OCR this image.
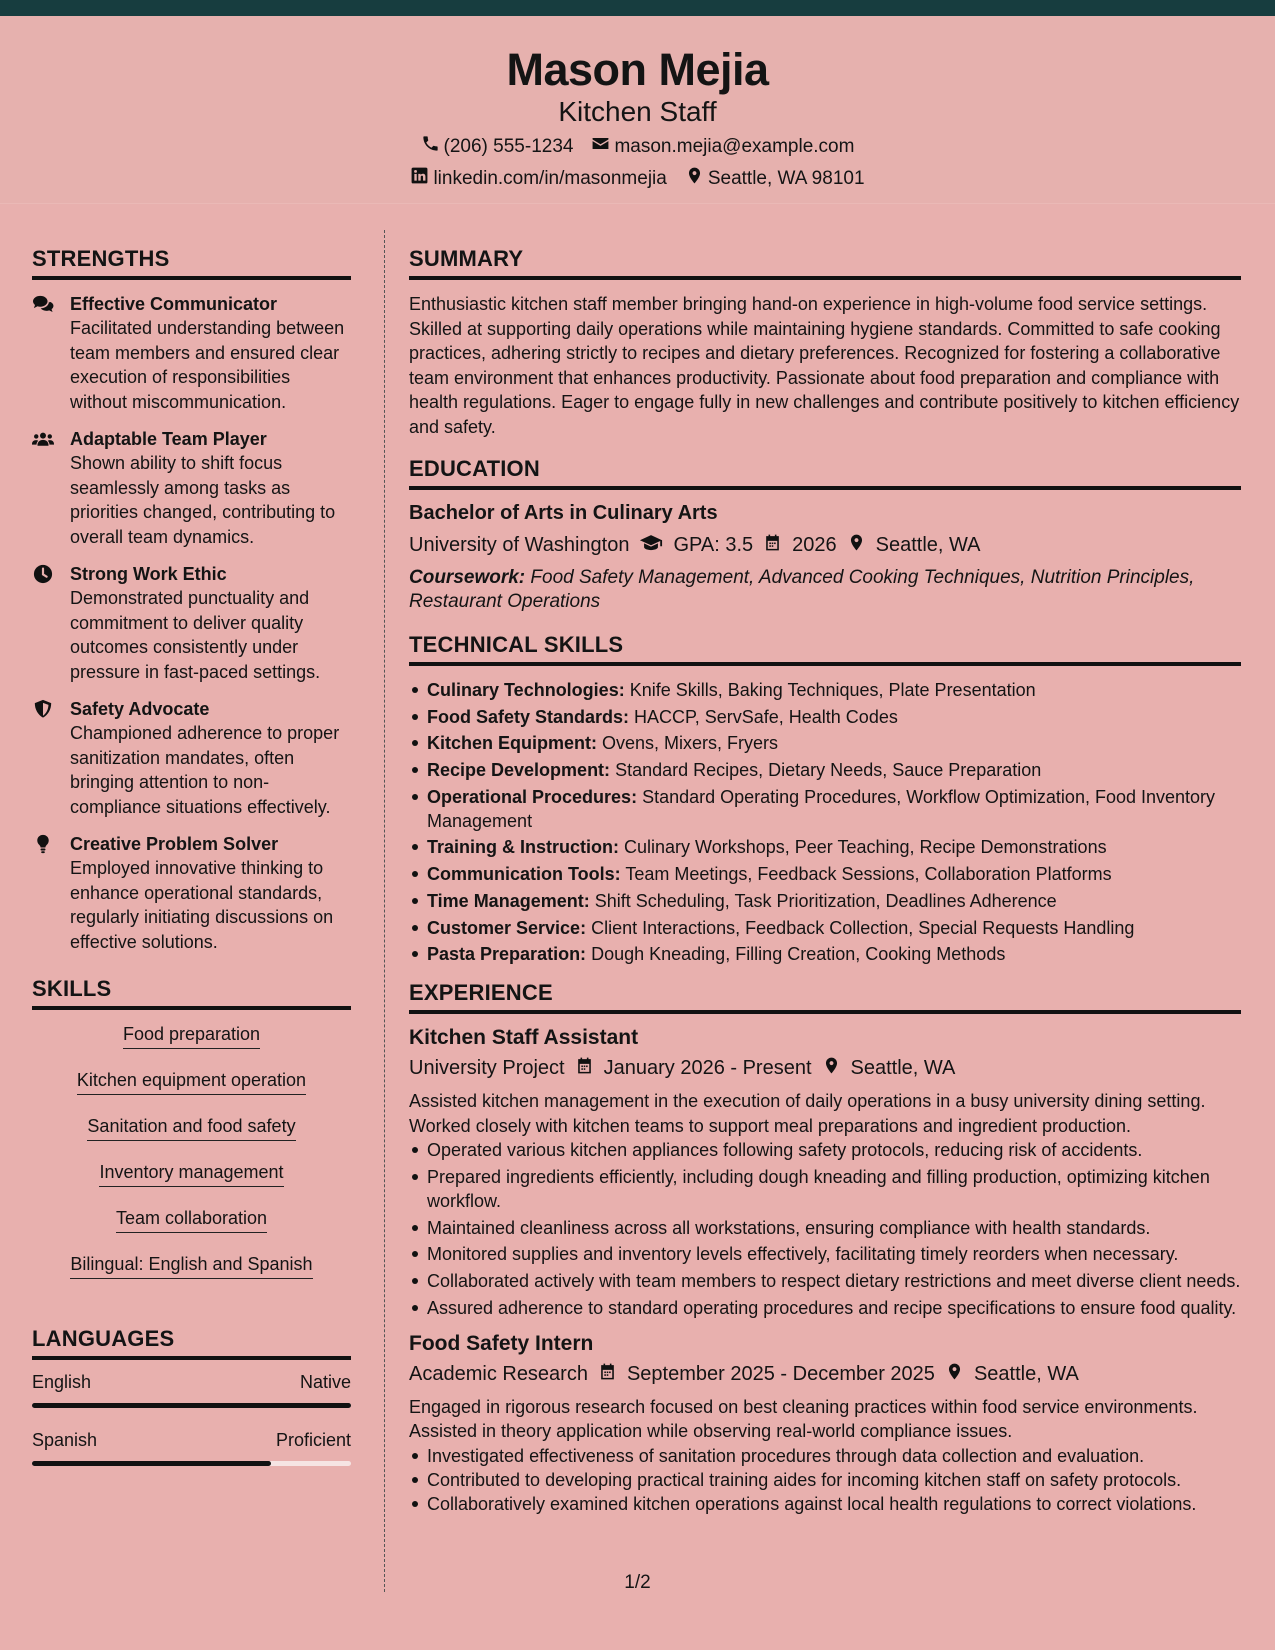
Mason Mejia
Kitchen Staff
(206) 555-1234 mason.mejia@example.com
linkedin.com/in/masonmejia Seattle, WA 98101
STRENGTHS
Effective Communicator
Facilitated understanding between team members and ensured clear execution of responsibilities without miscommunication.
Adaptable Team Player
Shown ability to shift focus seamlessly among tasks as priorities changed, contributing to overall team dynamics.
Strong Work Ethic
Demonstrated punctuality and commitment to deliver quality outcomes consistently under pressure in fast-paced settings.
Safety Advocate
Championed adherence to proper sanitization mandates, often bringing attention to non-compliance situations effectively.
Creative Problem Solver
Employed innovative thinking to enhance operational standards, regularly initiating discussions on effective solutions.
SKILLS
Food preparation
Kitchen equipment operation
Sanitation and food safety
Inventory management
Team collaboration
Bilingual: English and Spanish
LANGUAGES
English	Native
Spanish	Proficient
SUMMARY
Enthusiastic kitchen staff member bringing hand-on experience in high-volume food service settings. Skilled at supporting daily operations while maintaining hygiene standards. Committed to safe cooking practices, adhering strictly to recipes and dietary preferences. Recognized for fostering a collaborative team environment that enhances productivity. Passionate about food preparation and compliance with health regulations. Eager to engage fully in new challenges and contribute positively to kitchen efficiency and safety.
EDUCATION
Bachelor of Arts in Culinary Arts
University of Washington GPA: 3.5 2026 Seattle, WA
Coursework: Food Safety Management, Advanced Cooking Techniques, Nutrition Principles, Restaurant Operations
TECHNICAL SKILLS
Culinary Technologies: Knife Skills, Baking Techniques, Plate Presentation
Food Safety Standards: HACCP, ServSafe, Health Codes
Kitchen Equipment: Ovens, Mixers, Fryers
Recipe Development: Standard Recipes, Dietary Needs, Sauce Preparation
Operational Procedures: Standard Operating Procedures, Workflow Optimization, Food Inventory Management
Training & Instruction: Culinary Workshops, Peer Teaching, Recipe Demonstrations
Communication Tools: Team Meetings, Feedback Sessions, Collaboration Platforms
Time Management: Shift Scheduling, Task Prioritization, Deadlines Adherence
Customer Service: Client Interactions, Feedback Collection, Special Requests Handling
Pasta Preparation: Dough Kneading, Filling Creation, Cooking Methods
EXPERIENCE
Kitchen Staff Assistant
University Project January 2026 - Present Seattle, WA
Assisted kitchen management in the execution of daily operations in a busy university dining setting. Worked closely with kitchen teams to support meal preparations and ingredient production.
Operated various kitchen appliances following safety protocols, reducing risk of accidents.
Prepared ingredients efficiently, including dough kneading and filling production, optimizing kitchen workflow.
Maintained cleanliness across all workstations, ensuring compliance with health standards.
Monitored supplies and inventory levels effectively, facilitating timely reorders when necessary.
Collaborated actively with team members to respect dietary restrictions and meet diverse client needs.
Assured adherence to standard operating procedures and recipe specifications to ensure food quality.
Food Safety Intern
Academic Research September 2025 - December 2025 Seattle, WA
Engaged in rigorous research focused on best cleaning practices within food service environments. Assisted in theory application while observing real-world compliance issues.
Investigated effectiveness of sanitation procedures through data collection and evaluation.
Contributed to developing practical training aides for incoming kitchen staff on safety protocols.
Collaboratively examined kitchen operations against local health regulations to correct violations.
1/2
